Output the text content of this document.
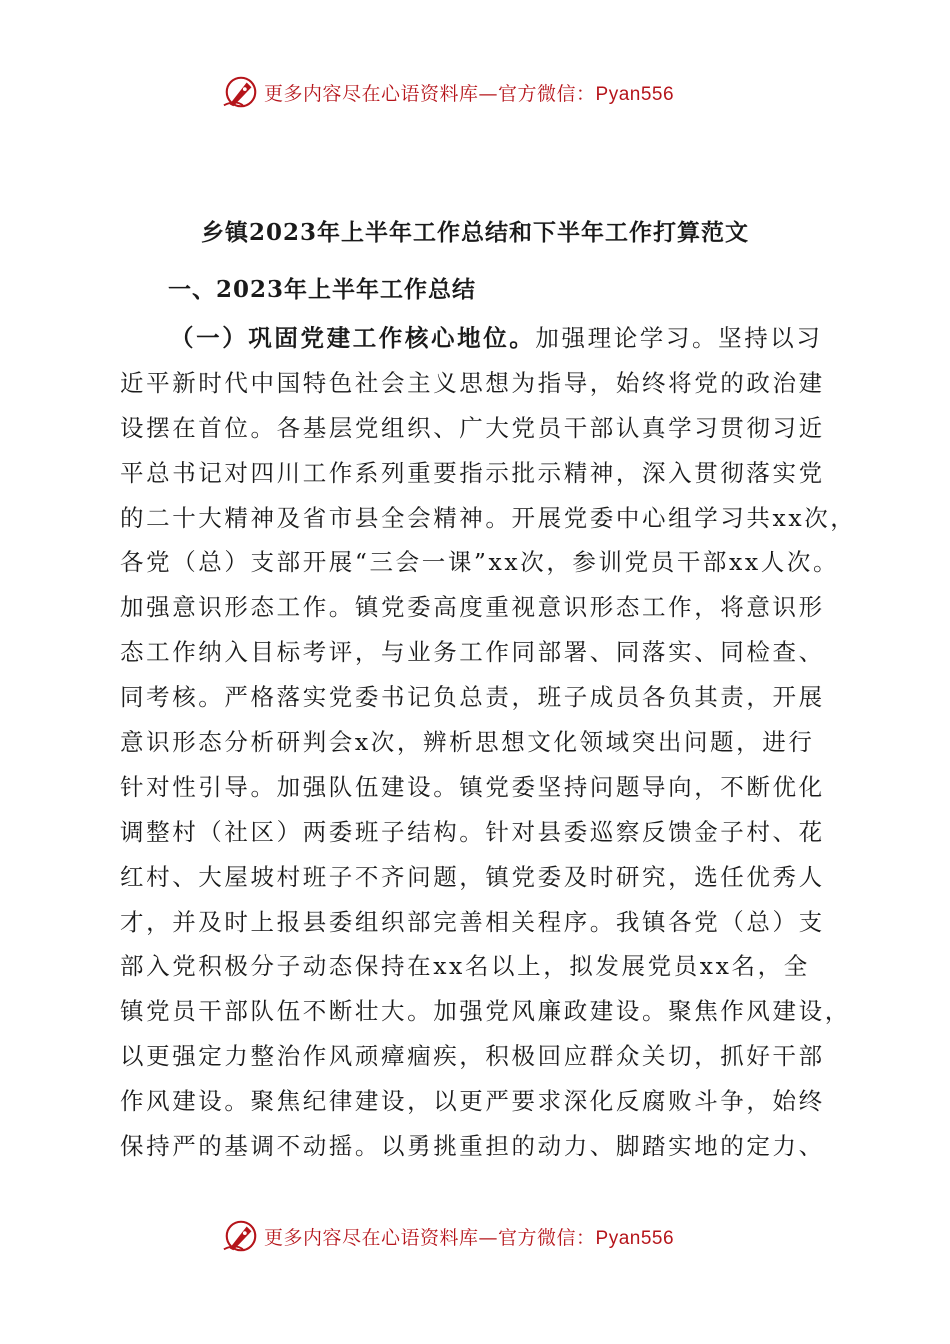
更多内容尽在心语资料库—官方微信：Pyan556
乡镇2023年上半年工作总结和下半年工作打算范文
一、2023年上半年工作总结
（一）巩固党建工作核心地位。加强理论学习。坚持以习
近平新时代中国特色社会主义思想为指导，始终将党的政治建
设摆在首位。各基层党组织、广大党员干部认真学习贯彻习近
平总书记对四川工作系列重要指示批示精神，深入贯彻落实党
的二十大精神及省市县全会精神。开展党委中心组学习共xx次，
各党（总）支部开展“三会一课”xx次，参训党员干部xx人次。
加强意识形态工作。镇党委高度重视意识形态工作，将意识形
态工作纳入目标考评，与业务工作同部署、同落实、同检查、
同考核。严格落实党委书记负总责，班子成员各负其责，开展
意识形态分析研判会x次，辨析思想文化领域突出问题，进行
针对性引导。加强队伍建设。镇党委坚持问题导向，不断优化
调整村（社区）两委班子结构。针对县委巡察反馈金子村、花
红村、大屋坡村班子不齐问题，镇党委及时研究，选任优秀人
才，并及时上报县委组织部完善相关程序。我镇各党（总）支
部入党积极分子动态保持在xx名以上，拟发展党员xx名，全
镇党员干部队伍不断壮大。加强党风廉政建设。聚焦作风建设，
以更强定力整治作风顽瘴痼疾，积极回应群众关切，抓好干部
作风建设。聚焦纪律建设，以更严要求深化反腐败斗争，始终
保持严的基调不动摇。以勇挑重担的动力、脚踏实地的定力、
更多内容尽在心语资料库—官方微信：Pyan556
